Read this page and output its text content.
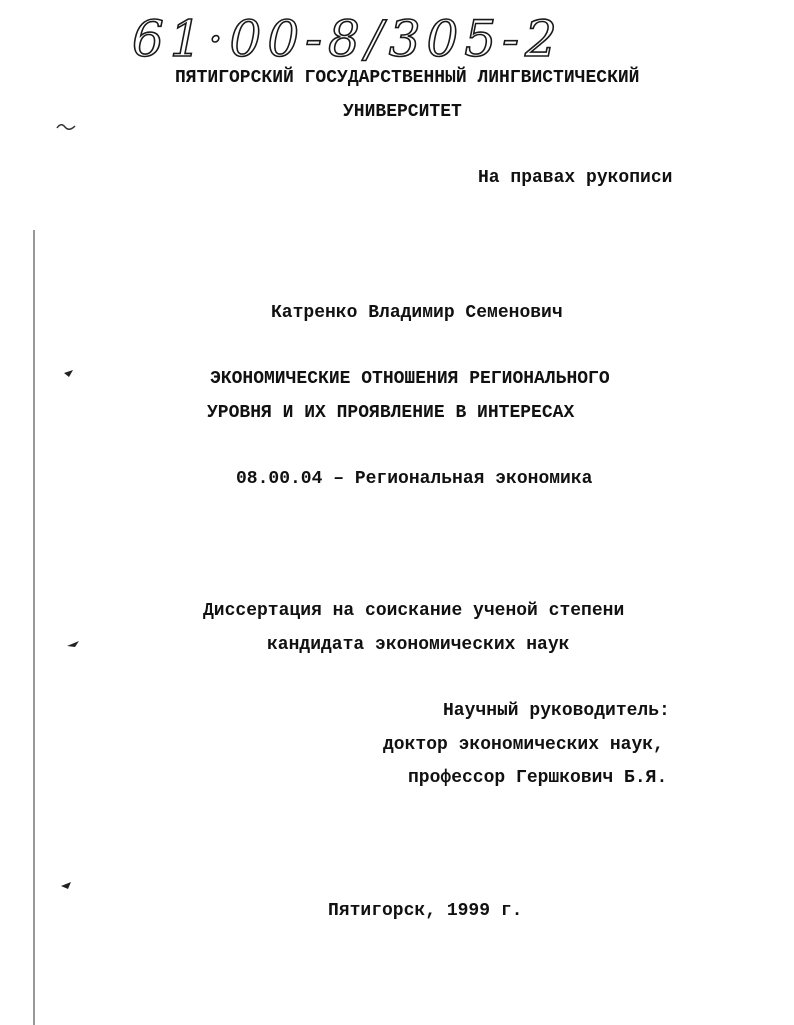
61·00-8/305-2
ПЯТИГОРСКИЙ ГОСУДАРСТВЕННЫЙ ЛИНГВИСТИЧЕСКИЙ
УНИВЕРСИТЕТ
На правах рукописи
Катренко Владимир Семенович
ЭКОНОМИЧЕСКИЕ ОТНОШЕНИЯ РЕГИОНАЛЬНОГО
УРОВНЯ И ИХ ПРОЯВЛЕНИЕ В ИНТЕРЕСАХ
08.00.04 – Региональная экономика
Диссертация на соискание ученой степени
кандидата экономических наук
Научный руководитель:
доктор экономических наук,
профессор Гершкович Б.Я.
Пятигорск, 1999 г.
